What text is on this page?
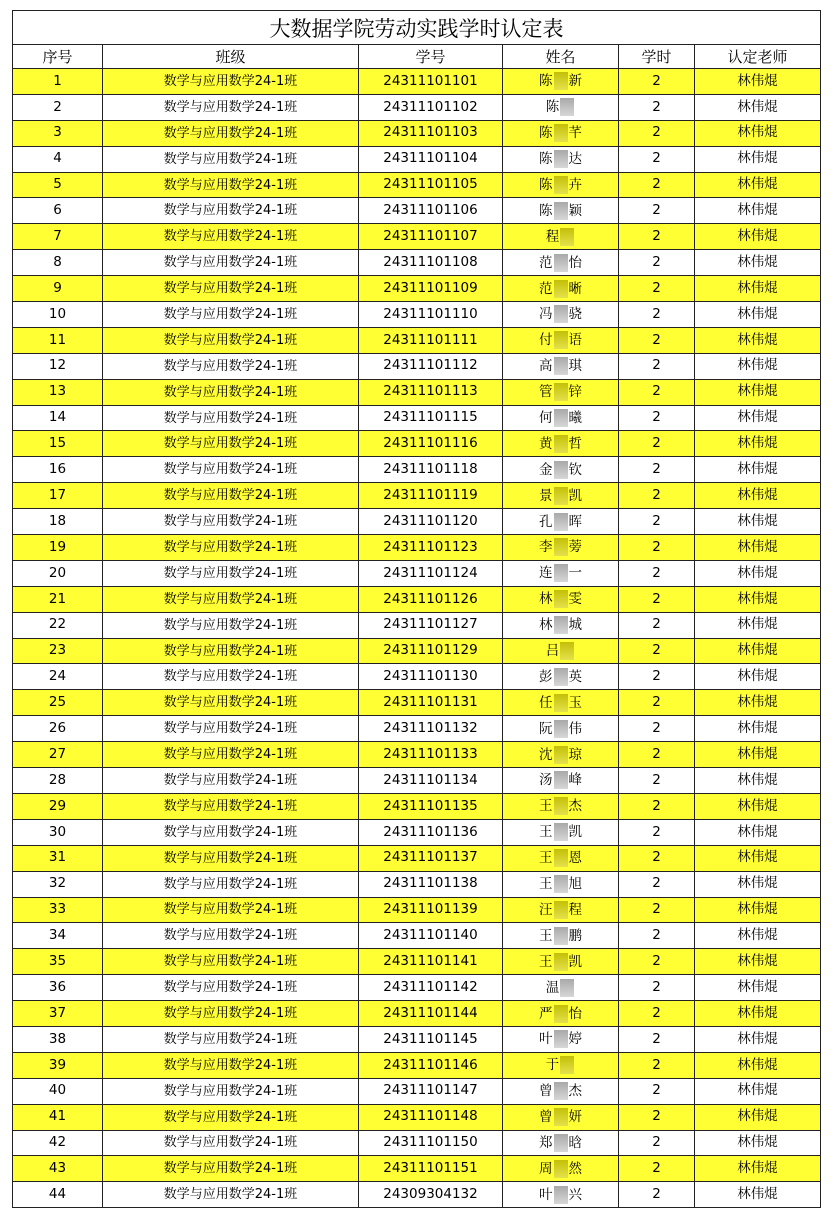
大数据学院劳动实践学时认定表					
序号	班级	学号	姓名	学时	认定老师
1	数学与应用数学24-1班	24311101101	陈 新	2	林伟焜
2	数学与应用数学24-1班	24311101102	陈	2	林伟焜
3	数学与应用数学24-1班	24311101103	陈 芊	2	林伟焜
4	数学与应用数学24-1班	24311101104	陈 达	2	林伟焜
5	数学与应用数学24-1班	24311101105	陈 卉	2	林伟焜
6	数学与应用数学24-1班	24311101106	陈 颖	2	林伟焜
7	数学与应用数学24-1班	24311101107	程	2	林伟焜
8	数学与应用数学24-1班	24311101108	范 怡	2	林伟焜
9	数学与应用数学24-1班	24311101109	范 晰	2	林伟焜
10	数学与应用数学24-1班	24311101110	冯 骁	2	林伟焜
11	数学与应用数学24-1班	24311101111	付 语	2	林伟焜
12	数学与应用数学24-1班	24311101112	高 琪	2	林伟焜
13	数学与应用数学24-1班	24311101113	管 锌	2	林伟焜
14	数学与应用数学24-1班	24311101115	何 曦	2	林伟焜
15	数学与应用数学24-1班	24311101116	黄 哲	2	林伟焜
16	数学与应用数学24-1班	24311101118	金 钦	2	林伟焜
17	数学与应用数学24-1班	24311101119	景 凯	2	林伟焜
18	数学与应用数学24-1班	24311101120	孔 晖	2	林伟焜
19	数学与应用数学24-1班	24311101123	李 蒡	2	林伟焜
20	数学与应用数学24-1班	24311101124	连 一	2	林伟焜
21	数学与应用数学24-1班	24311101126	林 雯	2	林伟焜
22	数学与应用数学24-1班	24311101127	林 城	2	林伟焜
23	数学与应用数学24-1班	24311101129	吕	2	林伟焜
24	数学与应用数学24-1班	24311101130	彭 英	2	林伟焜
25	数学与应用数学24-1班	24311101131	任 玉	2	林伟焜
26	数学与应用数学24-1班	24311101132	阮 伟	2	林伟焜
27	数学与应用数学24-1班	24311101133	沈 琼	2	林伟焜
28	数学与应用数学24-1班	24311101134	汤 峰	2	林伟焜
29	数学与应用数学24-1班	24311101135	王 杰	2	林伟焜
30	数学与应用数学24-1班	24311101136	王 凯	2	林伟焜
31	数学与应用数学24-1班	24311101137	王 恩	2	林伟焜
32	数学与应用数学24-1班	24311101138	王 旭	2	林伟焜
33	数学与应用数学24-1班	24311101139	汪 程	2	林伟焜
34	数学与应用数学24-1班	24311101140	王 鹏	2	林伟焜
35	数学与应用数学24-1班	24311101141	王 凯	2	林伟焜
36	数学与应用数学24-1班	24311101142	温	2	林伟焜
37	数学与应用数学24-1班	24311101144	严 怡	2	林伟焜
38	数学与应用数学24-1班	24311101145	叶 婷	2	林伟焜
39	数学与应用数学24-1班	24311101146	于	2	林伟焜
40	数学与应用数学24-1班	24311101147	曾 杰	2	林伟焜
41	数学与应用数学24-1班	24311101148	曾 妍	2	林伟焜
42	数学与应用数学24-1班	24311101150	郑 晗	2	林伟焜
43	数学与应用数学24-1班	24311101151	周 然	2	林伟焜
44	数学与应用数学24-1班	24309304132	叶 兴	2	林伟焜
